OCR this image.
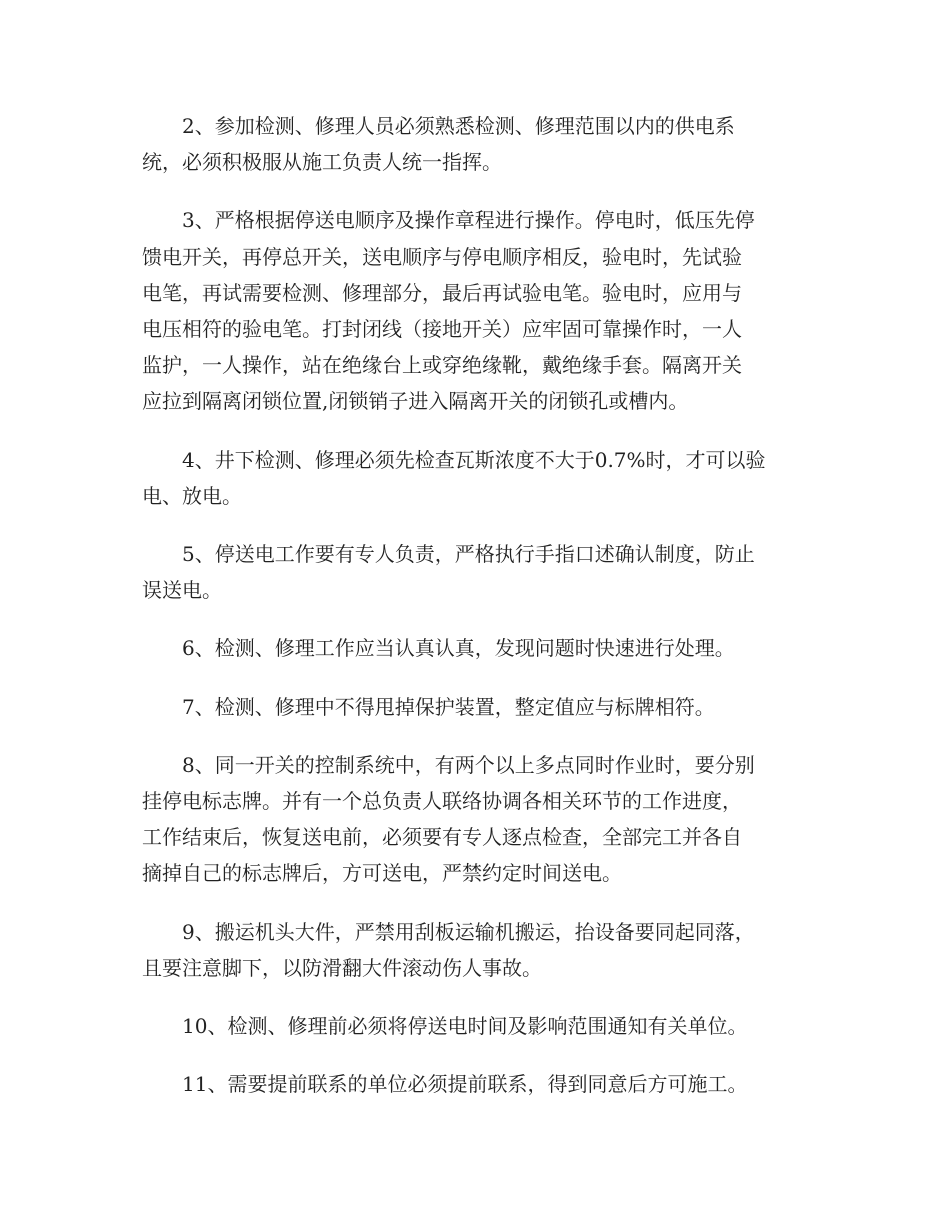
2、参加检测、修理人员必须熟悉检测、修理范围以内的供电系
统，必须积极服从施工负责人统一指挥。

3、严格根据停送电顺序及操作章程进行操作。停电时，低压先停
馈电开关，再停总开关，送电顺序与停电顺序相反，验电时，先试验
电笔，再试需要检测、修理部分，最后再试验电笔。验电时，应用与
电压相符的验电笔。打封闭线（接地开关）应牢固可靠操作时，一人
监护，一人操作，站在绝缘台上或穿绝缘靴，戴绝缘手套。隔离开关
应拉到隔离闭锁位置,闭锁销子进入隔离开关的闭锁孔或槽内。

4、井下检测、修理必须先检查瓦斯浓度不大于0.7%时，才可以验
电、放电。

5、停送电工作要有专人负责，严格执行手指口述确认制度，防止
误送电。

6、检测、修理工作应当认真认真，发现问题时快速进行处理。

7、检测、修理中不得甩掉保护装置，整定值应与标牌相符。

8、同一开关的控制系统中，有两个以上多点同时作业时，要分别
挂停电标志牌。并有一个总负责人联络协调各相关环节的工作进度，
工作结束后，恢复送电前，必须要有专人逐点检查，全部完工并各自
摘掉自己的标志牌后，方可送电，严禁约定时间送电。

9、搬运机头大件，严禁用刮板运输机搬运，抬设备要同起同落，
且要注意脚下，以防滑翻大件滚动伤人事故。

10、检测、修理前必须将停送电时间及影响范围通知有关单位。

11、需要提前联系的单位必须提前联系，得到同意后方可施工。
